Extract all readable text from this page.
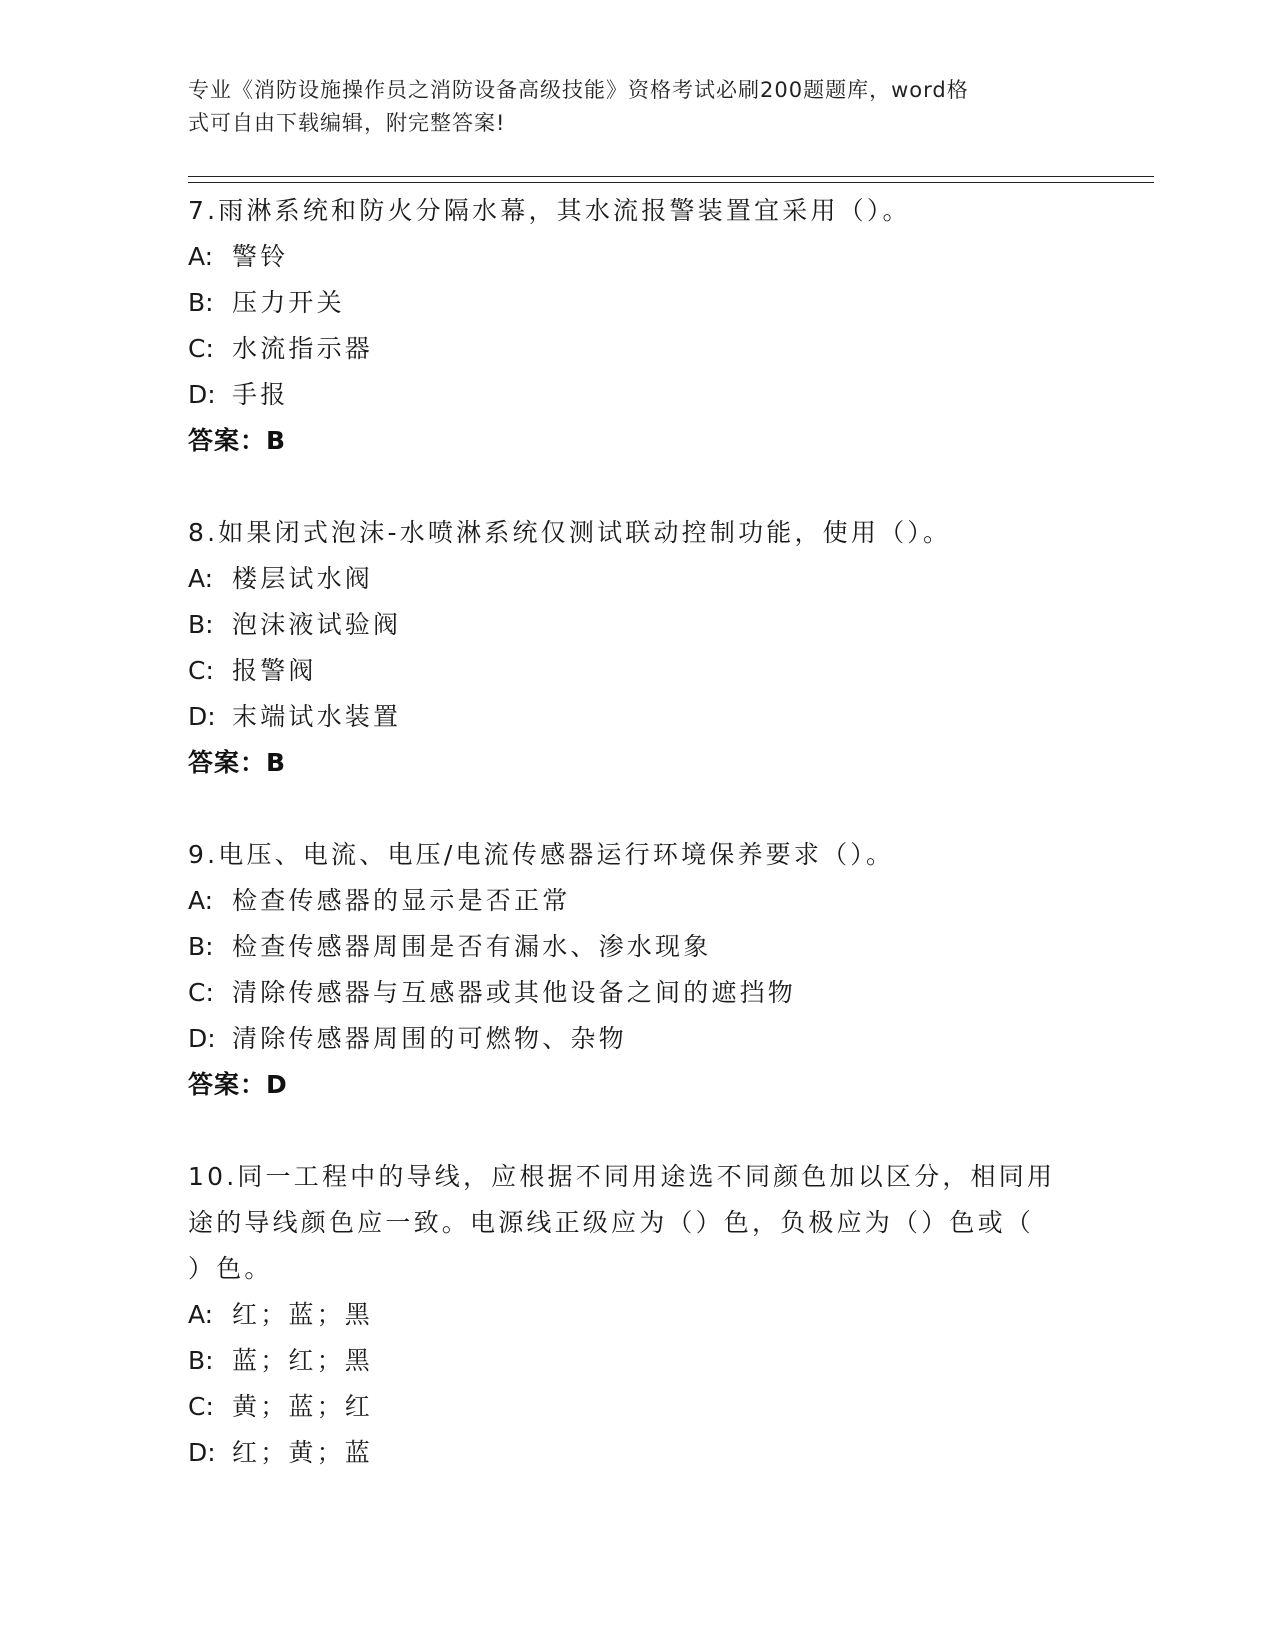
专业《消防设施操作员之消防设备高级技能》资格考试必刷200题题库，word格
式可自由下载编辑，附完整答案!
7.雨淋系统和防火分隔水幕，其水流报警装置宜采用（）。
A: 警铃
B: 压力开关
C: 水流指示器
D: 手报
答案：B
8.如果闭式泡沫-水喷淋系统仅测试联动控制功能，使用（）。
A: 楼层试水阀
B: 泡沫液试验阀
C: 报警阀
D: 末端试水装置
答案：B
9.电压、电流、电压/电流传感器运行环境保养要求（）。
A: 检查传感器的显示是否正常
B: 检查传感器周围是否有漏水、渗水现象
C: 清除传感器与互感器或其他设备之间的遮挡物
D: 清除传感器周围的可燃物、杂物
答案：D
10.同一工程中的导线，应根据不同用途选不同颜色加以区分，相同用
途的导线颜色应一致。电源线正级应为（）色，负极应为（）色或（
）色。
A: 红；蓝；黑
B: 蓝；红；黑
C: 黄；蓝；红
D: 红；黄；蓝
